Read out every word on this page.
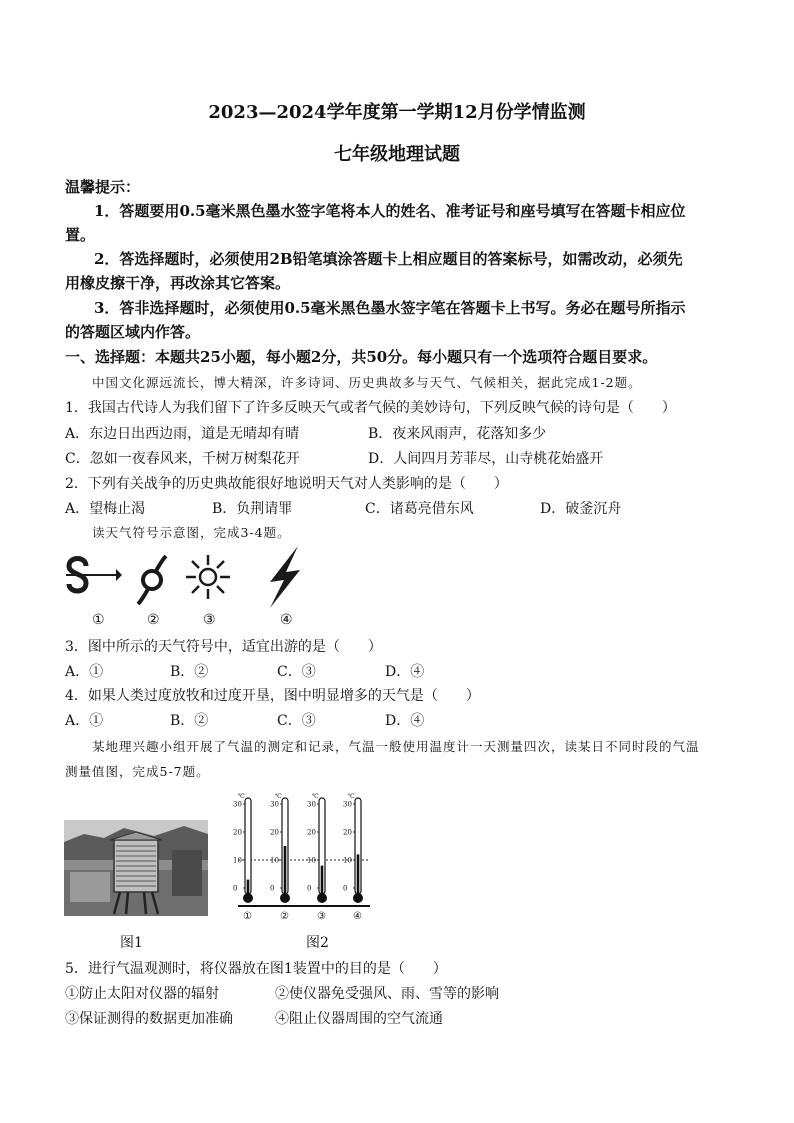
2023—2024学年度第一学期12月份学情监测
七年级地理试题
温馨提示：
1．答题要用0.5毫米黑色墨水签字笔将本人的姓名、准考证号和座号填写在答题卡相应位
置。
2．答选择题时，必须使用2B铅笔填涂答题卡上相应题目的答案标号，如需改动，必须先
用橡皮擦干净，再改涂其它答案。
3．答非选择题时，必须使用0.5毫米黑色墨水签字笔在答题卡上书写。务必在题号所指示
的答题区域内作答。
一、选择题：本题共25小题，每小题2分，共50分。每小题只有一个选项符合题目要求。
中国文化源远流长，博大精深，许多诗词、历史典故多与天气、气候相关，据此完成1-2题。
1．我国古代诗人为我们留下了许多反映天气或者气候的美妙诗句，下列反映气候的诗句是（　　）
A．东边日出西边雨，道是无晴却有晴	B．夜来风雨声，花落知多少
C．忽如一夜春风来，千树万树梨花开	D．人间四月芳菲尽，山寺桃花始盛开
2．下列有关战争的历史典故能很好地说明天气对人类影响的是（　　）
A．望梅止渴	B．负荆请罪	C．诸葛亮借东风	D．破釜沉舟
读天气符号示意图，完成3-4题。
①	②	③	④
3．图中所示的天气符号中，适宜出游的是（　　）
A．①	B．②	C．③	D．④
4．如果人类过度放牧和过度开垦，图中明显增多的天气是（　　）
A．①	B．②	C．③	D．④
某地理兴趣小组开展了气温的测定和记录，气温一般使用温度计一天测量四次，读某日不同时段的气温
测量值图，完成5-7题。
图1
℃
30
20
10
0
①
℃
30
20
10
0
②
℃
30
20
10
0
③
℃
30
20
10
0
④
图2
5．进行气温观测时，将仪器放在图1装置中的目的是（　　）
①防止太阳对仪器的辐射	②使仪器免受强风、雨、雪等的影响
③保证测得的数据更加准确	④阻止仪器周围的空气流通
